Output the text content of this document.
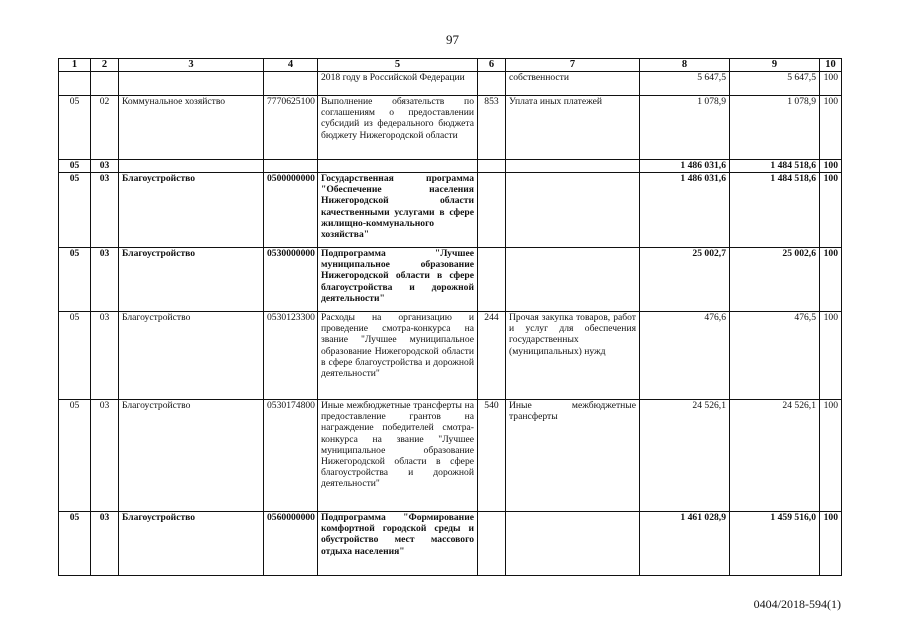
97
1	2	3	4	5	6	7	8	9	10
				2018 году в Российской Федерации		собственности	5 647,5	5 647,5	100
05	02	Коммунальное хозяйство	7770625100	Выполнение обязательств по соглашениям о предоставлении субсидий из федерального бюджета бюджету Нижегородской области	853	Уплата иных платежей	1 078,9	1 078,9	100
05	03						1 486 031,6	1 484 518,6	100
05	03	Благоустройство	0500000000	Государственная программа "Обеспечение населения Нижегородской области качественными услугами в сфере жилищно-коммунального хозяйства"			1 486 031,6	1 484 518,6	100
05	03	Благоустройство	0530000000	Подпрограмма "Лучшее муниципальное образование Нижегородской области в сфере благоустройства и дорожной деятельности"			25 002,7	25 002,6	100
05	03	Благоустройство	0530123300	Расходы на организацию и проведение смотра-конкурса на звание "Лучшее муниципальное образование Нижегородской области в сфере благоустройства и дорожной деятельности"	244	Прочая закупка товаров, работ и услуг для обеспечения государственных (муниципальных) нужд	476,6	476,5	100
05	03	Благоустройство	0530174800	Иные межбюджетные трансферты на предоставление грантов на награждение победителей смотра-конкурса на звание "Лучшее муниципальное образование Нижегородской области в сфере благоустройства и дорожной деятельности"	540	Иные межбюджетные трансферты	24 526,1	24 526,1	100
05	03	Благоустройство	0560000000	Подпрограмма "Формирование комфортной городской среды и обустройство мест массового отдыха населения"			1 461 028,9	1 459 516,0	100
0404/2018-594(1)
